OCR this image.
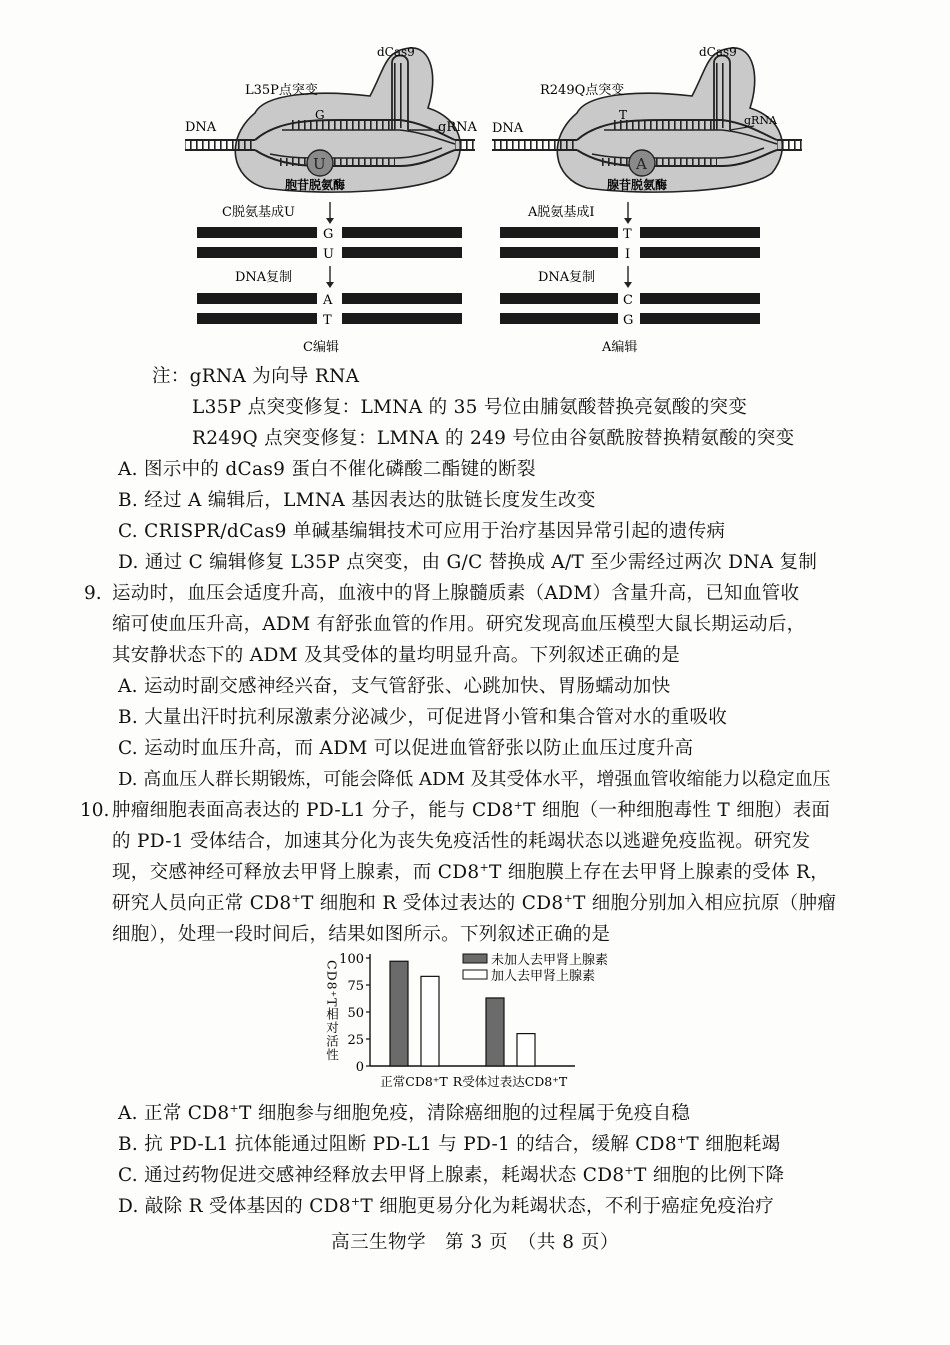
U
L35P点突变
dCas9
DNA	gRNA
G
胞苷脱氨酶
C脱氨基成U
G
U
DNA复制
A
T
C编辑
A
R249Q点突变
dCas9
DNA
gRNA
T
腺苷脱氨酶
A脱氨基成I
T
I
DNA复制
C
G
A编辑
注：gRNA 为向导 RNA
L35P 点突变修复：LMNA 的 35 号位由脯氨酸替换亮氨酸的突变
R249Q 点突变修复：LMNA 的 249 号位由谷氨酰胺替换精氨酸的突变
A. 图示中的 dCas9 蛋白不催化磷酸二酯键的断裂
B. 经过 A 编辑后，LMNA 基因表达的肽链长度发生改变
C. CRISPR/dCas9 单碱基编辑技术可应用于治疗基因异常引起的遗传病
D. 通过 C 编辑修复 L35P 点突变，由 G/C 替换成 A/T 至少需经过两次 DNA 复制
9. 运动时，血压会适度升高，血液中的肾上腺髓质素（ADM）含量升高，已知血管收
缩可使血压升高，ADM 有舒张血管的作用。研究发现高血压模型大鼠长期运动后，
其安静状态下的 ADM 及其受体的量均明显升高。下列叙述正确的是
A. 运动时副交感神经兴奋，支气管舒张、心跳加快、胃肠蠕动加快
B. 大量出汗时抗利尿激素分泌减少，可促进肾小管和集合管对水的重吸收
C. 运动时血压升高，而 ADM 可以促进血管舒张以防止血压过度升高
D. 高血压人群长期锻炼，可能会降低 ADM 及其受体水平，增强血管收缩能力以稳定血压
10. 肿瘤细胞表面高表达的 PD-L1 分子，能与 CD8+T 细胞（一种细胞毒性 T 细胞）表面
的 PD-1 受体结合，加速其分化为丧失免疫活性的耗竭状态以逃避免疫监视。研究发
现，交感神经可释放去甲肾上腺素，而 CD8+T 细胞膜上存在去甲肾上腺素的受体 R，
研究人员向正常 CD8+T 细胞和 R 受体过表达的 CD8+T 细胞分别加入相应抗原（肿瘤
细胞），处理一段时间后，结果如图所示。下列叙述正确的是
0
25
50
75
100
CD8⁺T相对活性
正常CD8⁺T R受体过表达CD8⁺T
未加人去甲肾上腺素
加人去甲肾上腺素
A. 正常 CD8+T 细胞参与细胞免疫，清除癌细胞的过程属于免疫自稳
B. 抗 PD-L1 抗体能通过阻断 PD-L1 与 PD-1 的结合，缓解 CD8+T 细胞耗竭
C. 通过药物促进交感神经释放去甲肾上腺素，耗竭状态 CD8+T 细胞的比例下降
D. 敲除 R 受体基因的 CD8+T 细胞更易分化为耗竭状态，不利于癌症免疫治疗
高三生物学　第 3 页　（共 8 页）
